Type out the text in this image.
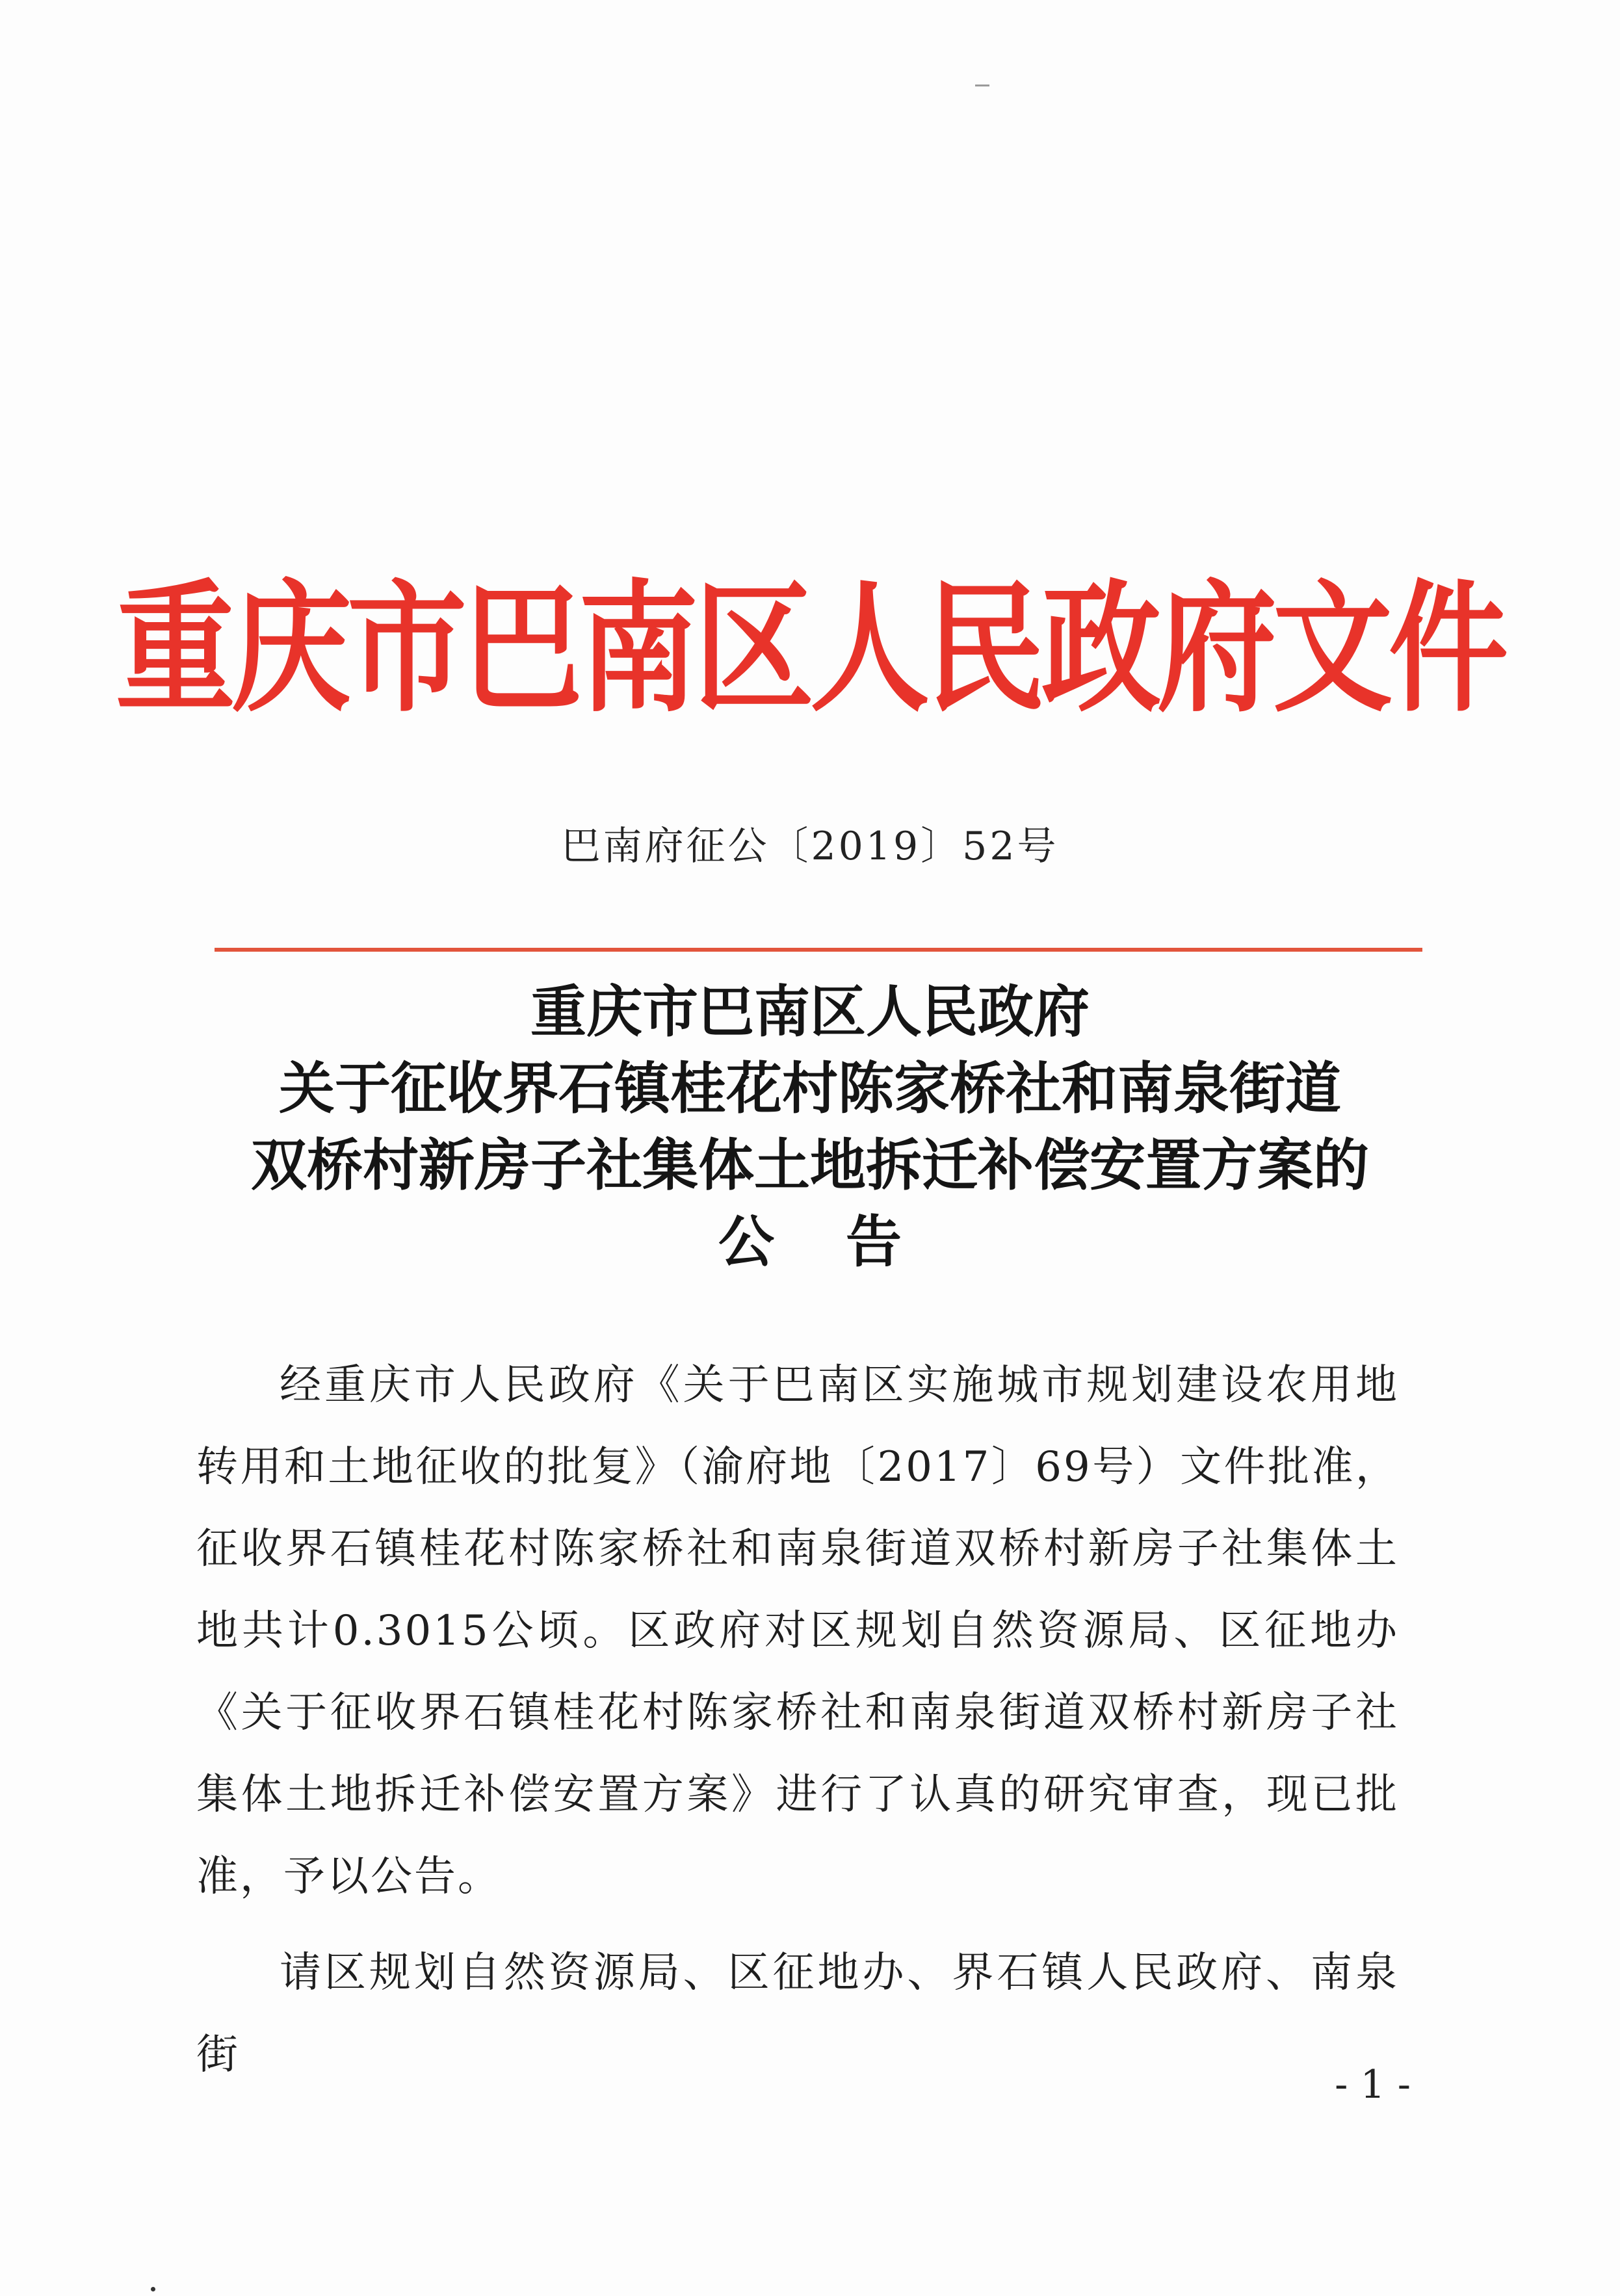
重庆市巴南区人民政府文件
巴南府征公〔2019〕52号
重庆市巴南区人民政府
关于征收界石镇桂花村陈家桥社和南泉街道
双桥村新房子社集体土地拆迁补偿安置方案的
公告
经重庆市人民政府《关于巴南区实施城市规划建设农用地转用和土地征收的批复》（渝府地〔2017〕69号）文件批准，征收界石镇桂花村陈家桥社和南泉街道双桥村新房子社集体土地共计0.3015公顷。区政府对区规划自然资源局、区征地办《关于征收界石镇桂花村陈家桥社和南泉街道双桥村新房子社集体土地拆迁补偿安置方案》进行了认真的研究审查，现已批准，予以公告。
请区规划自然资源局、区征地办、界石镇人民政府、南泉街
- 1 -
